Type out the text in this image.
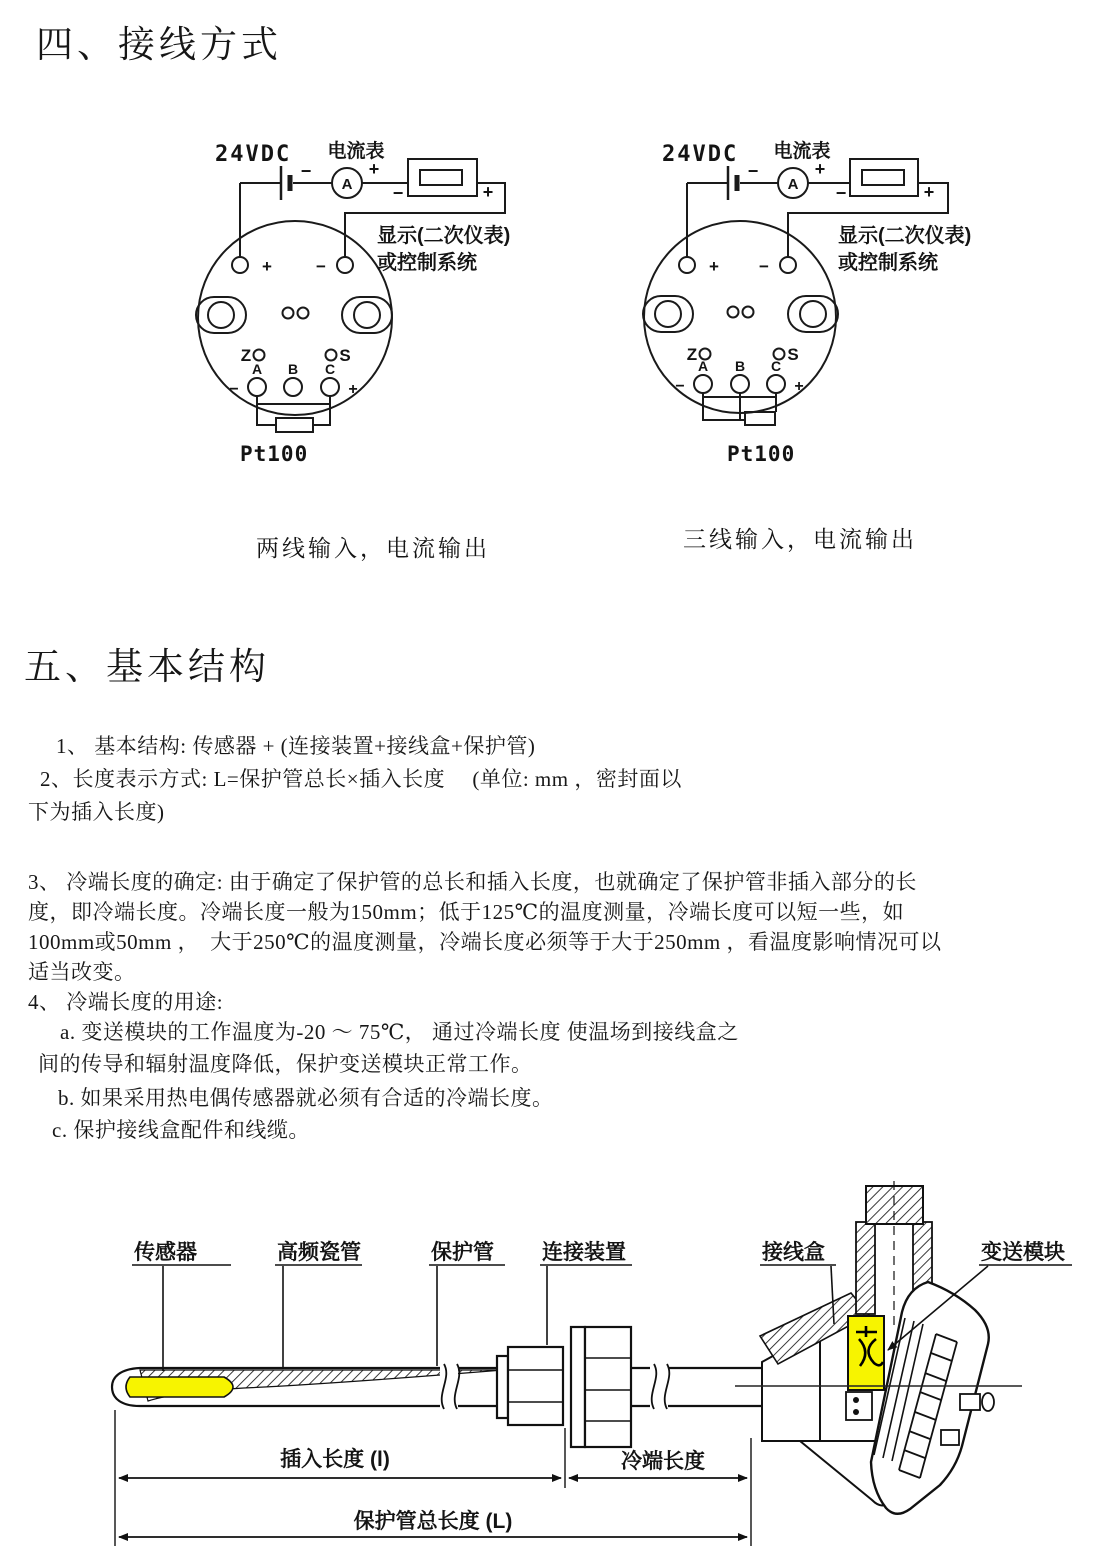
四、接线方式
五、基本结构
24VDC 电流表
−
A
+
−	+
显示(二次仪表)
或控制系统
+	−
Z	S
A B C
−	+
Pt100
24VDC 电流表
−
A
+
−	+
显示(二次仪表)
或控制系统
+ −
Z	S
A B C
−	+
Pt100
两线输入，电流输出	三线输入，电流输出
1、 基本结构: 传感器 + (连接装置+接线盒+保护管)
2、长度表示方式: L=保护管总长×插入长度　 (单位: mm ，密封面以
下为插入长度)
3、 冷端长度的确定: 由于确定了保护管的总长和插入长度，也就确定了保护管非插入部分的长
度，即冷端长度。冷端长度一般为150mm；低于125℃的温度测量，冷端长度可以短一些，如
100mm或50mm ，　大于250℃的温度测量，冷端长度必须等于大于250mm ，看温度影响情况可以
适当改变。
4、 冷端长度的用途:
a. 变送模块的工作温度为-20 ～ 75℃， 通过冷端长度 使温场到接线盒之
间的传导和辐射温度降低，保护变送模块正常工作。
b. 如果采用热电偶传感器就必须有合适的冷端长度。
c. 保护接线盒配件和线缆。
传感器	高频瓷管	保护管 连接装置	接线盒	变送模块
插入长度 (l)	冷端长度
保护管总长度 (L)
